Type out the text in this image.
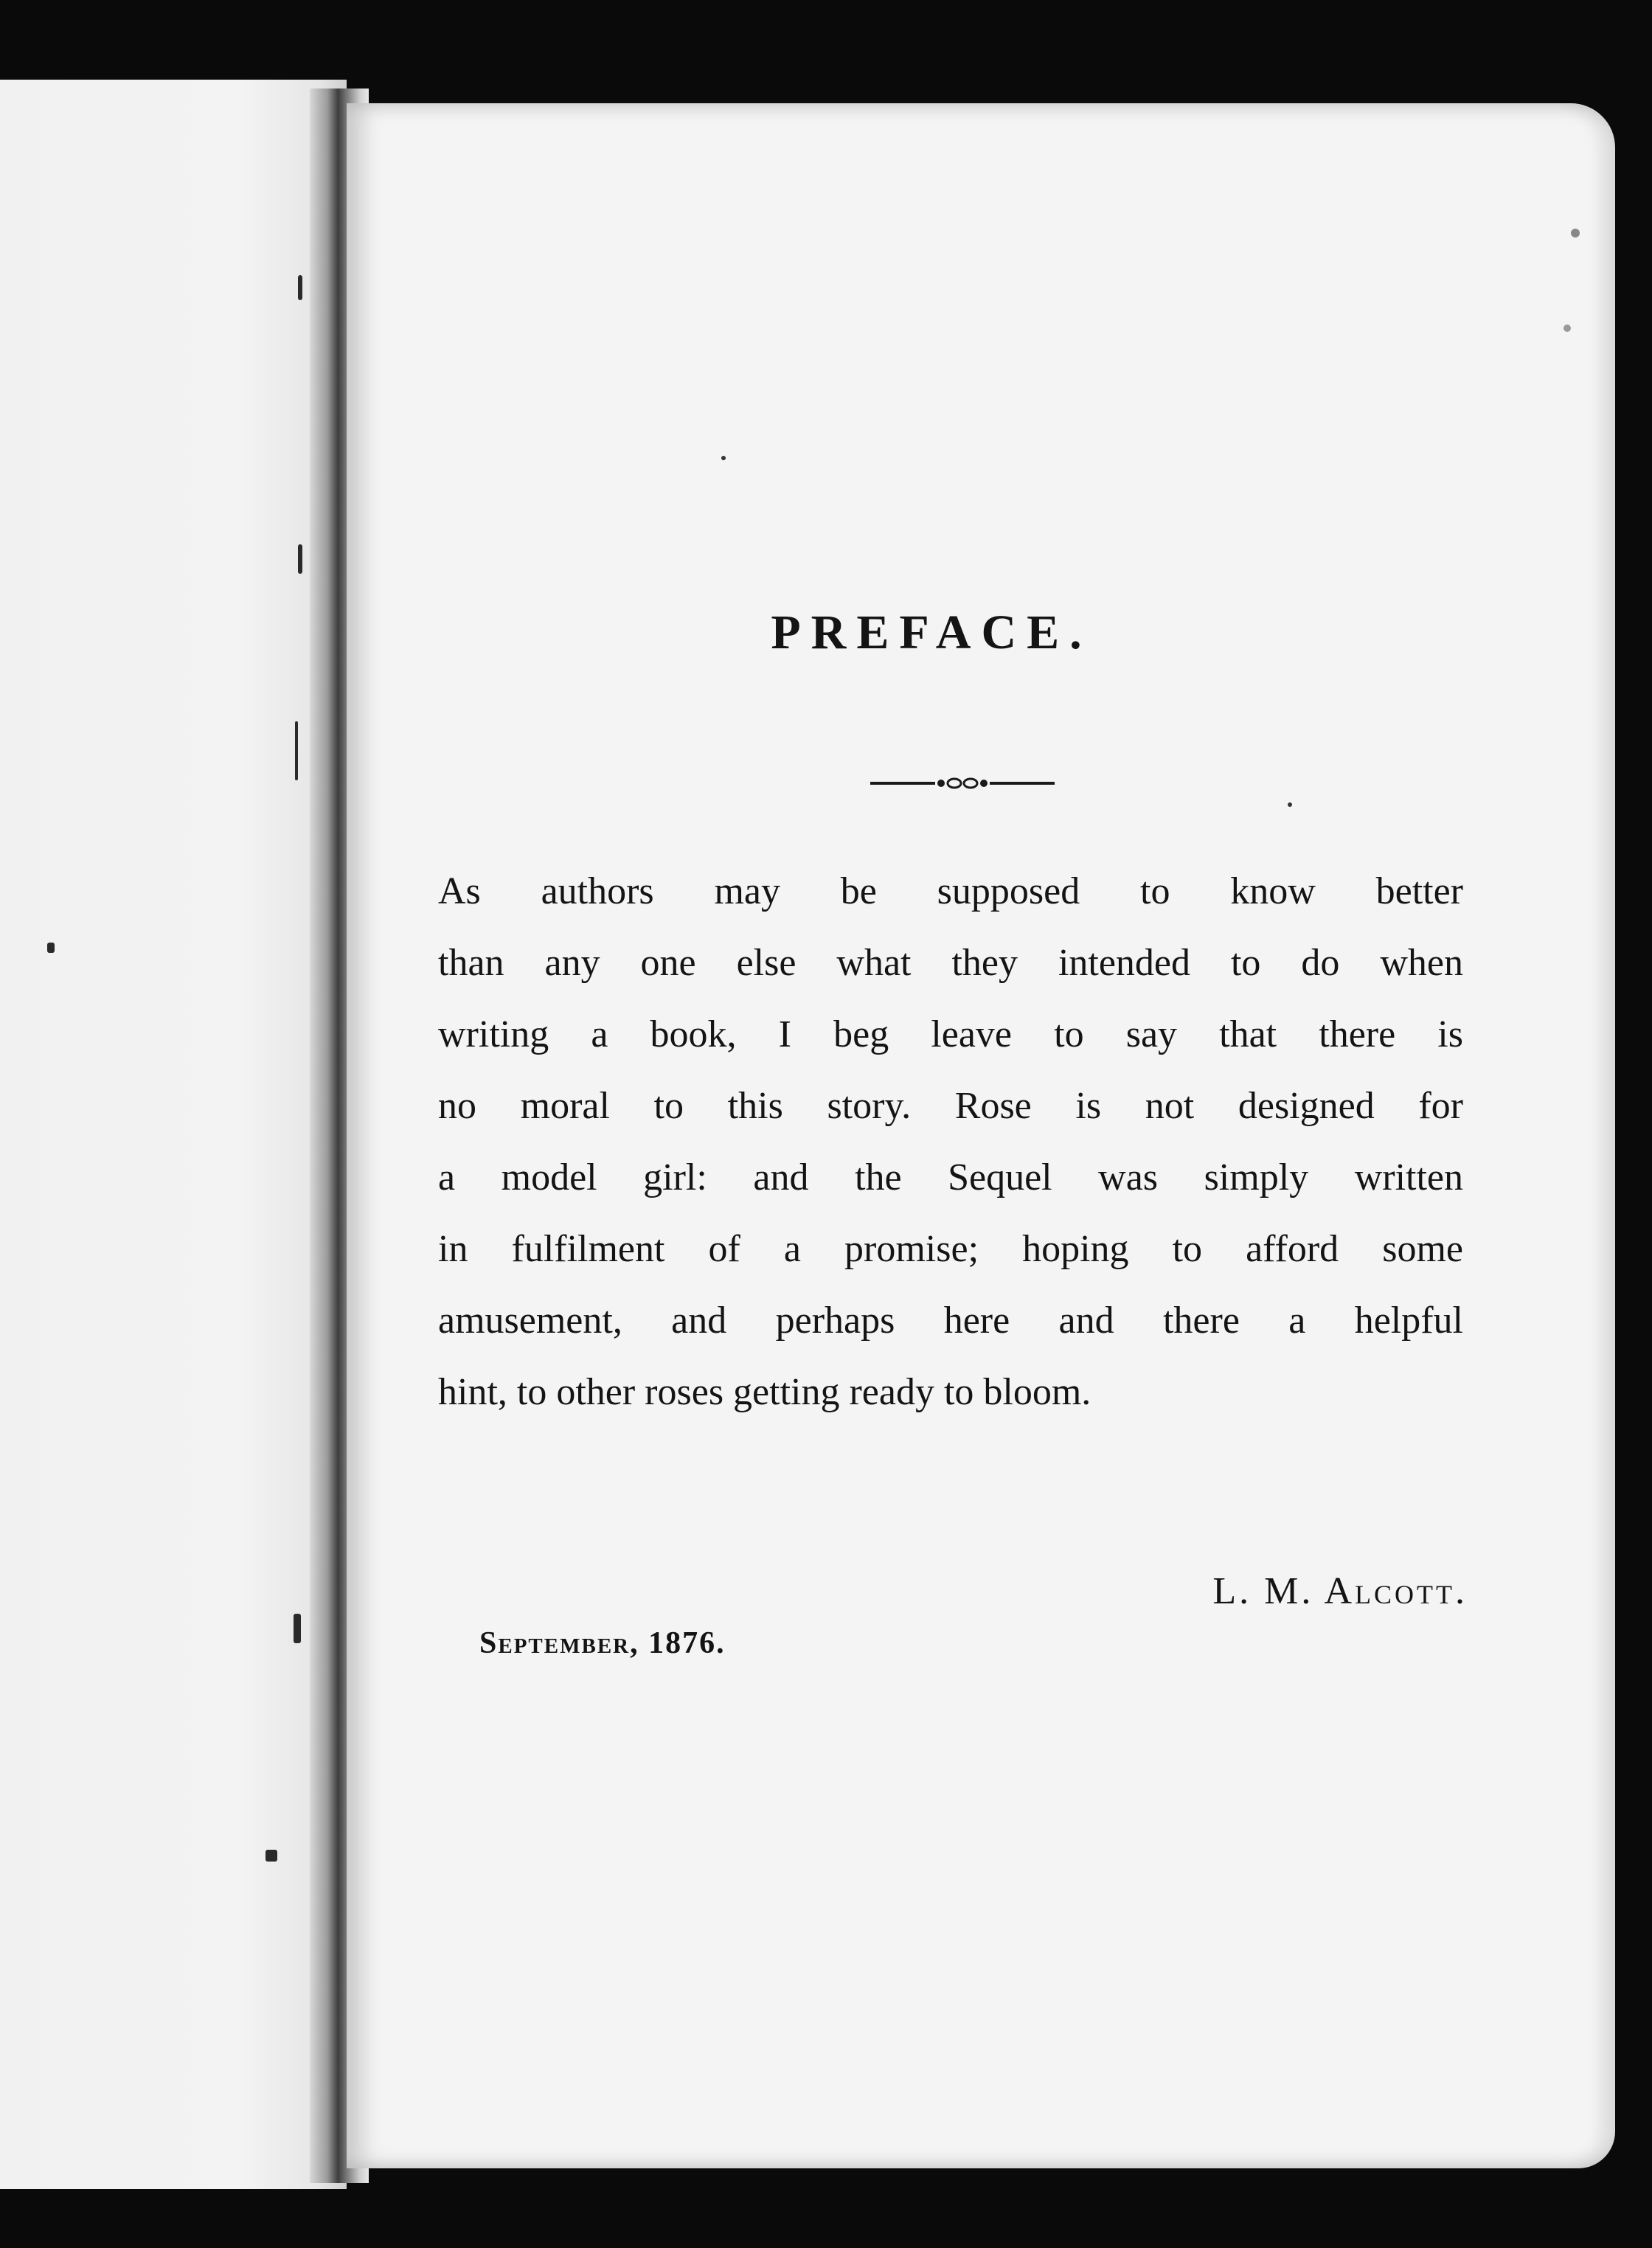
PREFACE.
As authors may be supposed to know better
than any one else what they intended to do when
writing a book, I beg leave to say that there is
no moral to this story. Rose is not designed for
a model girl: and the Sequel was simply written
in fulfilment of a promise; hoping to afford some
amusement, and perhaps here and there a helpful
hint, to other roses getting ready to bloom.

L. M. Alcott.

September, 1876.
